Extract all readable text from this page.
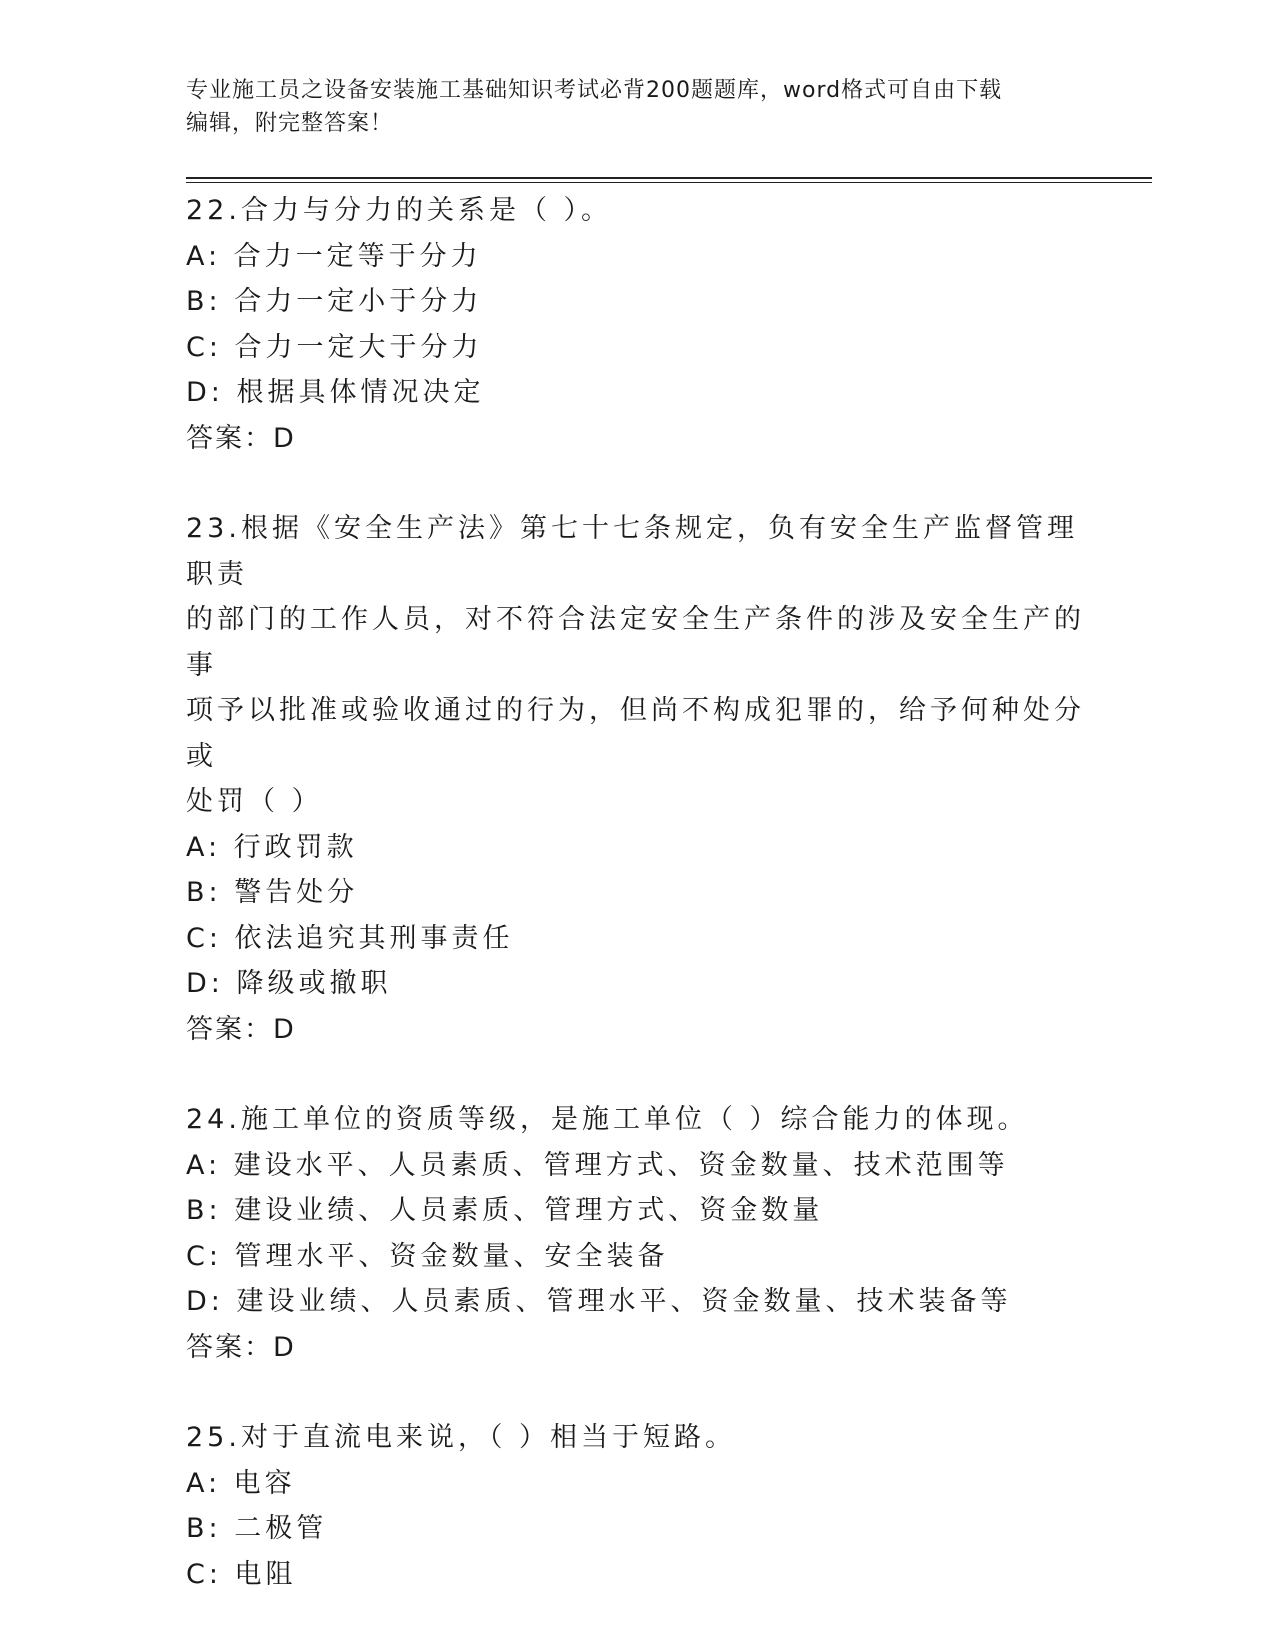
专业施工员之设备安装施工基础知识考试必背200题题库，word格式可自由下载
编辑，附完整答案！
22.合力与分力的关系是（ ）。
A: 合力一定等于分力
B: 合力一定小于分力
C: 合力一定大于分力
D: 根据具体情况决定
答案：D
23.根据《安全生产法》第七十七条规定，负有安全生产监督管理职责
的部门的工作人员，对不符合法定安全生产条件的涉及安全生产的事
项予以批准或验收通过的行为，但尚不构成犯罪的，给予何种处分或
处罚（ ）
A: 行政罚款
B: 警告处分
C: 依法追究其刑事责任
D: 降级或撤职
答案：D
24.施工单位的资质等级，是施工单位（ ）综合能力的体现。
A: 建设水平、人员素质、管理方式、资金数量、技术范围等
B: 建设业绩、人员素质、管理方式、资金数量
C: 管理水平、资金数量、安全装备
D: 建设业绩、人员素质、管理水平、资金数量、技术装备等
答案：D
25.对于直流电来说，（ ）相当于短路。
A: 电容
B: 二极管
C: 电阻
